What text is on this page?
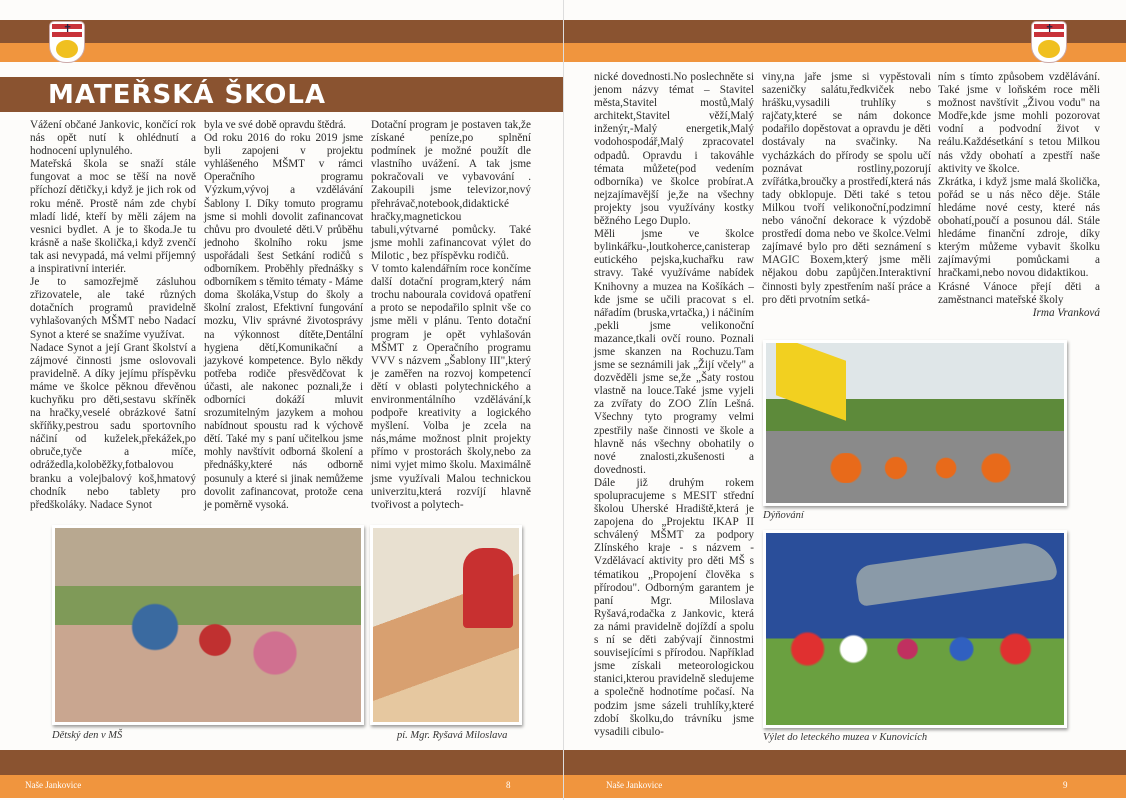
✝
MATEŘSKÁ ŠKOLA

Vážení občané Jankovic, končící rok nás opět nutí k ohlédnutí a hodnocení uplynulého.

Mateřská škola se snaží stále fungovat a moc se těší na nově příchozí dětičky,i když je jich rok od roku méně. Prostě nám zde chybí mladí lidé, kteří by měli zájem na vesnici bydlet. A je to škoda.Je tu krásně a naše školička,i když zvenčí tak asi nevypadá, má velmi příjemný a inspirativní interiér.

Je to samozřejmě zásluhou zřizovatele, ale také různých dotačních programů pravidelně vyhlašovaných MŠMT nebo Nadací Synot a které se snažíme využívat.

Nadace Synot a její Grant školství a zájmové činnosti jsme oslovovali pravidelně. A díky jejímu příspěvku máme ve školce pěknou dřevěnou kuchyňku pro děti,sestavu skříněk na hračky,veselé obrázkové šatní skříňky,pestrou sadu sportovního náčiní od kuželek,překážek,po obruče,tyče a míče, odrážedla,koloběžky,fotbalovou branku a volejbalový koš,hmatový chodník nebo tablety pro předškoláky. Nadace Synot

byla ve své době opravdu štědrá.

Od roku 2016 do roku 2019 jsme byli zapojeni v projektu vyhlášeného MŠMT v rámci Operačního programu Výzkum,vývoj a vzdělávání Šablony I. Díky tomuto programu jsme si mohli dovolit zafinancovat chůvu pro dvouleté děti.V průběhu jednoho školního roku jsme uspořádali šest Setkání rodičů s odborníkem. Proběhly přednášky s odborníkem s těmito tématy - Máme doma školáka,Vstup do školy a školní zralost, Efektivní fungování mozku, Vliv správné životosprávy na výkonnost dítěte,Dentální hygiena dětí,Komunikační a jazykové kompetence. Bylo někdy potřeba rodiče přesvědčovat k účasti, ale nakonec poznali,že i odborníci dokáží mluvit srozumitelným jazykem a mohou nabídnout spoustu rad k výchově dětí. Také my s paní učitelkou jsme mohly navštívit odborná školení a přednášky,které nás odborně posunuly a které si jinak nemůžeme dovolit zafinancovat, protože cena je poměrně vysoká.

Dotační program je postaven tak,že získané peníze,po splnění podmínek je možné použít dle vlastního uvážení. A tak jsme pokračovali ve vybavování . Zakoupili jsme televizor,nový přehrávač,notebook,didaktické hračky,magnetickou tabuli,výtvarné pomůcky. Také jsme mohli zafinancovat výlet do Milotic , bez příspěvku rodičů.

V tomto kalendářním roce končíme další dotační program,který nám trochu nabourala covidová opatření a proto se nepodařilo splnit vše co jsme měli v plánu. Tento dotační program je opět vyhlašován MŠMT z Operačního programu VVV s názvem „Šablony III",který je zaměřen na rozvoj kompetencí dětí v oblasti polytechnického a environmentálního vzdělávání,k podpoře kreativity a logického myšlení. Volba je zcela na nás,máme možnost plnit projekty přímo v prostorách školy,nebo za nimi vyjet mimo školu. Maximálně jsme využívali Malou technickou univerzitu,která rozvíjí hlavně tvořivost a polytech-

Dětský den v MŠ	pí. Mgr. Ryšavá Miloslava
Naše Jankovice	8
✝

nické dovednosti.No poslechněte si jenom názvy témat – Stavitel města,Stavitel mostů,Malý architekt,Stavitel věží,Malý inženýr,-Malý energetik,Malý vodohospodář,Malý zpracovatel odpadů. Opravdu i takováhle témata můžete(pod vedením odborníka) ve školce probírat.A nejzajímavější je,že na všechny projekty jsou využívány kostky běžného Lego Duplo.

Měli jsme ve školce bylinkářku-,loutkoherce,canisterapeutického pejska,kuchařku raw stravy. Také využíváme nabídek Knihovny a muzea na Košíkách – kde jsme se učili pracovat s el. nářadím (bruska,vrtačka,) i náčiním ,pekli jsme velikonoční mazance,tkali ovčí rouno. Poznali jsme skanzen na Rochuzu.Tam jsme se seznámili jak „Žijí včely" a dozvěděli jsme se,že „Šaty rostou vlastně na louce.Také jsme vyjeli za zvířaty do ZOO Zlín Lešná. Všechny tyto programy velmi zpestřily naše činnosti ve škole a hlavně nás všechny obohatily o nové znalosti,zkušenosti a dovednosti.

Dále již druhým rokem spolupracujeme s MESIT střední školou Uherské Hradiště,která je zapojena do „Projektu IKAP II schválený MŠMT za podpory Zlínského kraje - s názvem - Vzdělávací aktivity pro děti MŠ s tématikou „Propojení člověka s přírodou". Odborným garantem je paní Mgr. Miloslava Ryšavá,rodačka z Jankovic, která za námi pravidelně dojíždí a spolu s ní se děti zabývají činnostmi souvisejícími s přírodou. Například jsme získali meteorologickou stanici,kterou pravidelně sledujeme a společně hodnotíme počasí. Na podzim jsme sázeli truhlíky,které zdobí školku,do trávníku jsme vysadili cibulo-

viny,na jaře jsme si vypěstovali sazeničky salátu,ředkviček nebo hrášku,vysadili truhlíky s rajčaty,které se nám dokonce podařilo dopěstovat a opravdu je děti dostávaly na svačinky. Na vycházkách do přírody se spolu učí poznávat rostliny,pozorují zvířátka,broučky a prostředí,která nás tady obklopuje. Děti také s tetou Milkou tvoří velikonoční,podzimní nebo vánoční dekorace k výzdobě prostředí doma nebo ve školce.Velmi zajímavé bylo pro děti seznámení s MAGIC Boxem,který jsme měli nějakou dobu zapůjčen.Interaktivní činnosti byly zpestřením naší práce a pro děti prvotním setká-

ním s tímto způsobem vzdělávání. Také jsme v loňském roce měli možnost navštívit „Živou vodu" na Modře,kde jsme mohli pozorovat vodní a podvodní život v reálu.Každésetkání s tetou Milkou nás vždy obohatí a zpestří naše aktivity ve školce.

Zkrátka, i když jsme malá školička, pořád se u nás něco děje. Stále hledáme nové cesty, které nás obohatí,poučí a posunou dál. Stále hledáme finanční zdroje, díky kterým můžeme vybavit školku zajímavými pomůckami a hračkami,nebo novou didaktikou.

Krásné Vánoce přejí děti a zaměstnanci mateřské školy

Irma Vranková

Dýňování
Výlet do leteckého muzea v Kunovicích
Naše Jankovice	9
